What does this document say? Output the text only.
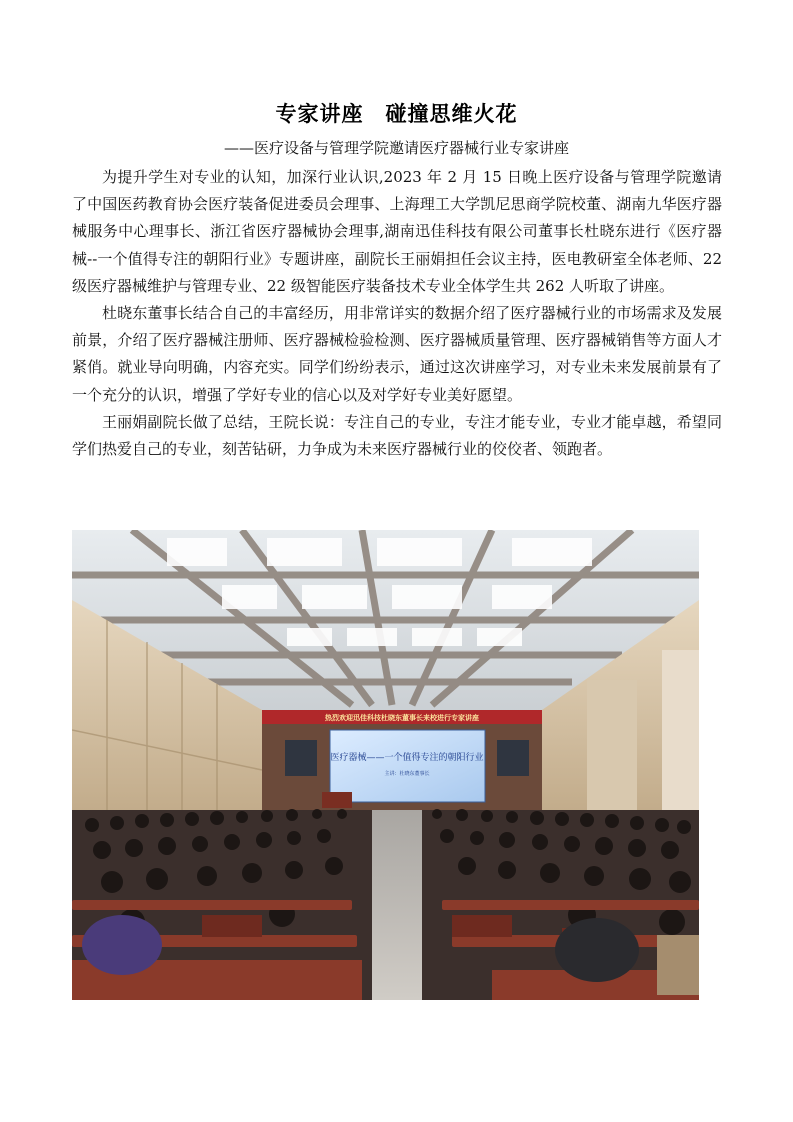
专家讲座　碰撞思维火花
——医疗设备与管理学院邀请医疗器械行业专家讲座

为提升学生对专业的认知，加深行业认识,2023 年 2 月 15 日晚上医疗设备与管理学院邀请了中国医药教育协会医疗装备促进委员会理事、上海理工大学凯尼思商学院校董、湖南九华医疗器械服务中心理事长、浙江省医疗器械协会理事,湖南迅佳科技有限公司董事长杜晓东进行《医疗器械--一个值得专注的朝阳行业》专题讲座，副院长王丽娟担任会议主持，医电教研室全体老师、22 级医疗器械维护与管理专业、22 级智能医疗装备技术专业全体学生共 262 人听取了讲座。

杜晓东董事长结合自己的丰富经历，用非常详实的数据介绍了医疗器械行业的市场需求及发展前景，介绍了医疗器械注册师、医疗器械检验检测、医疗器械质量管理、医疗器械销售等方面人才紧俏。就业导向明确，内容充实。同学们纷纷表示，通过这次讲座学习，对专业未来发展前景有了一个充分的认识，增强了学好专业的信心以及对学好专业美好愿望。

王丽娟副院长做了总结，王院长说：专注自己的专业，专注才能专业，专业才能卓越，希望同学们热爱自己的专业，刻苦钻研，力争成为未来医疗器械行业的佼佼者、领跑者。

热烈欢迎迅佳科技杜晓东董事长来校进行专家讲座
医疗器械——一个值得专注的朝阳行业
主讲：杜晓东董事长
